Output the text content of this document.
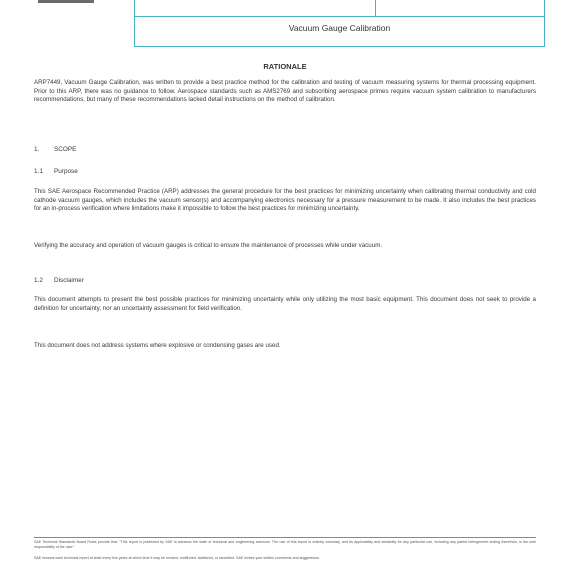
Vacuum Gauge Calibration
RATIONALE
ARP7449, Vacuum Gauge Calibration, was written to provide a best practice method for the calibration and testing of vacuum measuring systems for thermal processing equipment. Prior to this ARP, there was no guidance to follow. Aerospace standards such as AMS2769 and subscribing aerospace primes require vacuum system calibration to manufacturers recommendations, but many of these recommendations lacked detail instructions on the method of calibration.
1. SCOPE
1.1 Purpose
This SAE Aerospace Recommended Practice (ARP) addresses the general procedure for the best practices for minimizing uncertainty when calibrating thermal conductivity and cold cathode vacuum gauges, which includes the vacuum sensor(s) and accompanying electronics necessary for a pressure measurement to be made. It also includes the best practices for an in-process verification where limitations make it impossible to follow the best practices for minimizing uncertainty.
Verifying the accuracy and operation of vacuum gauges is critical to ensure the maintenance of processes while under vacuum.
1.2 Disclaimer
This document attempts to present the best possible practices for minimizing uncertainty while only utilizing the most basic equipment. This document does not seek to provide a definition for uncertainty, nor an uncertainty assessment for field verification.
This document does not address systems where explosive or condensing gases are used.
SAE Technical Standards Board Rules provide that: "This report is published by SAE to advance the state of technical and engineering sciences. The use of this report is entirely voluntary, and its applicability and suitability for any particular use, including any patent infringement arising therefrom, is the sole responsibility of the user."
SAE reviews each technical report at least every five years at which time it may be revised, reaffirmed, stabilized, or cancelled. SAE invites your written comments and suggestions.
